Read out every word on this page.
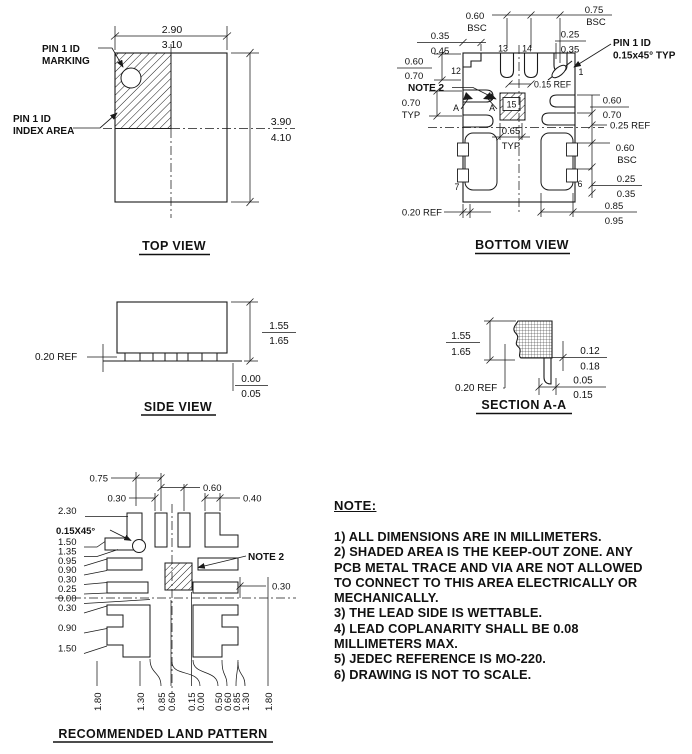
2.90
3.10
3.90
4.10
PIN 1 ID
MARKING
PIN 1 ID
INDEX AREA
TOP VIEW
0.60
BSC
0.75
BSC
0.35
0.45
0.25
0.35
PIN 1 ID
0.15x45° TYP
0.15 REF
0.60
0.70
NOTE 2
0.70
TYP
A	A 15
0.65
TYP
12	1
13 14
7	6
0.60
0.70
0.25 REF
0.60
BSC
0.25
0.35
0.85
0.95
0.20 REF
BOTTOM VIEW
0.20 REF
1.55
1.65
0.00
0.05
SIDE VIEW
1.55
1.65	0.12
0.18
0.05
0.15
0.20 REF
SECTION A-A
0.75
0.30
0.60
0.40
2.30
0.15X45°
1.50
1.35
0.95
0.90
0.30
0.25
0.00
0.30
0.90
1.50
NOTE 2
0.30
1.80	1.30 0.85 0.60 0.15
0.00 0.50
0.60
0.85
1.30 1.80
RECOMMENDED LAND PATTERN
NOTE:
1) ALL DIMENSIONS ARE IN MILLIMETERS.
2) SHADED AREA IS THE KEEP-OUT ZONE. ANY
PCB METAL TRACE AND VIA ARE NOT ALLOWED
TO CONNECT TO THIS AREA ELECTRICALLY OR
MECHANICALLY.
3) THE LEAD SIDE IS WETTABLE.
4) LEAD COPLANARITY SHALL BE 0.08
MILLIMETERS MAX.
5) JEDEC REFERENCE IS MO-220.
6) DRAWING IS NOT TO SCALE.
